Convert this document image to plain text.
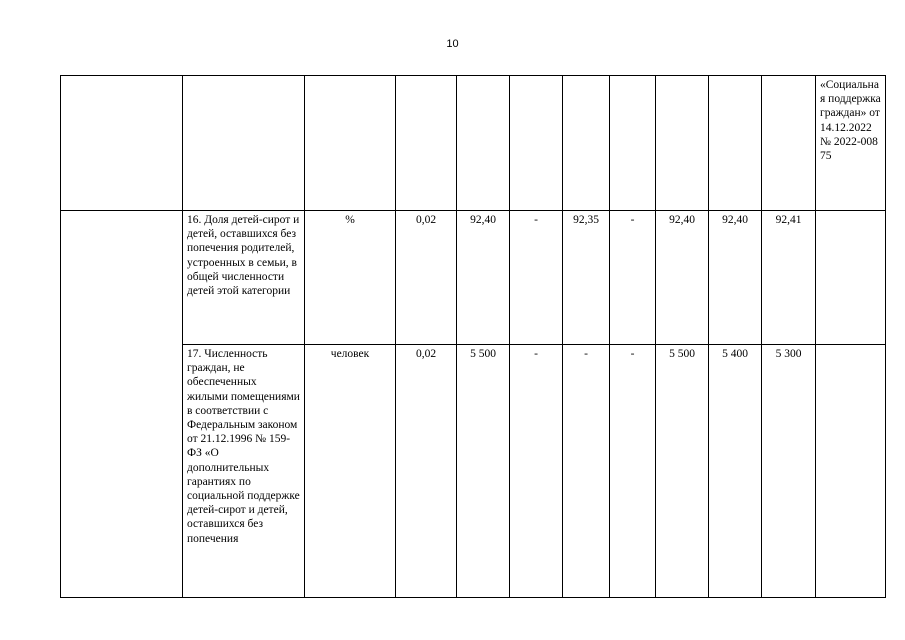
10
											«Социальная поддержка граждан» от 14.12.2022 № 2022-00875
	16. Доля детей-сирот и детей, оставшихся без попечения родителей, устроенных в семьи, в общей численности детей этой категории	%	0,02	92,40	-	92,35	-	92,40	92,40	92,41	
	17. Численность граждан, не обеспеченных жилыми помещениями в соответствии с Федеральным законом от 21.12.1996 № 159-ФЗ «О дополнительных гарантиях по социальной поддержке детей-сирот и детей, оставшихся без попечения	человек	0,02	5 500	-	-	-	5 500	5 400	5 300	
